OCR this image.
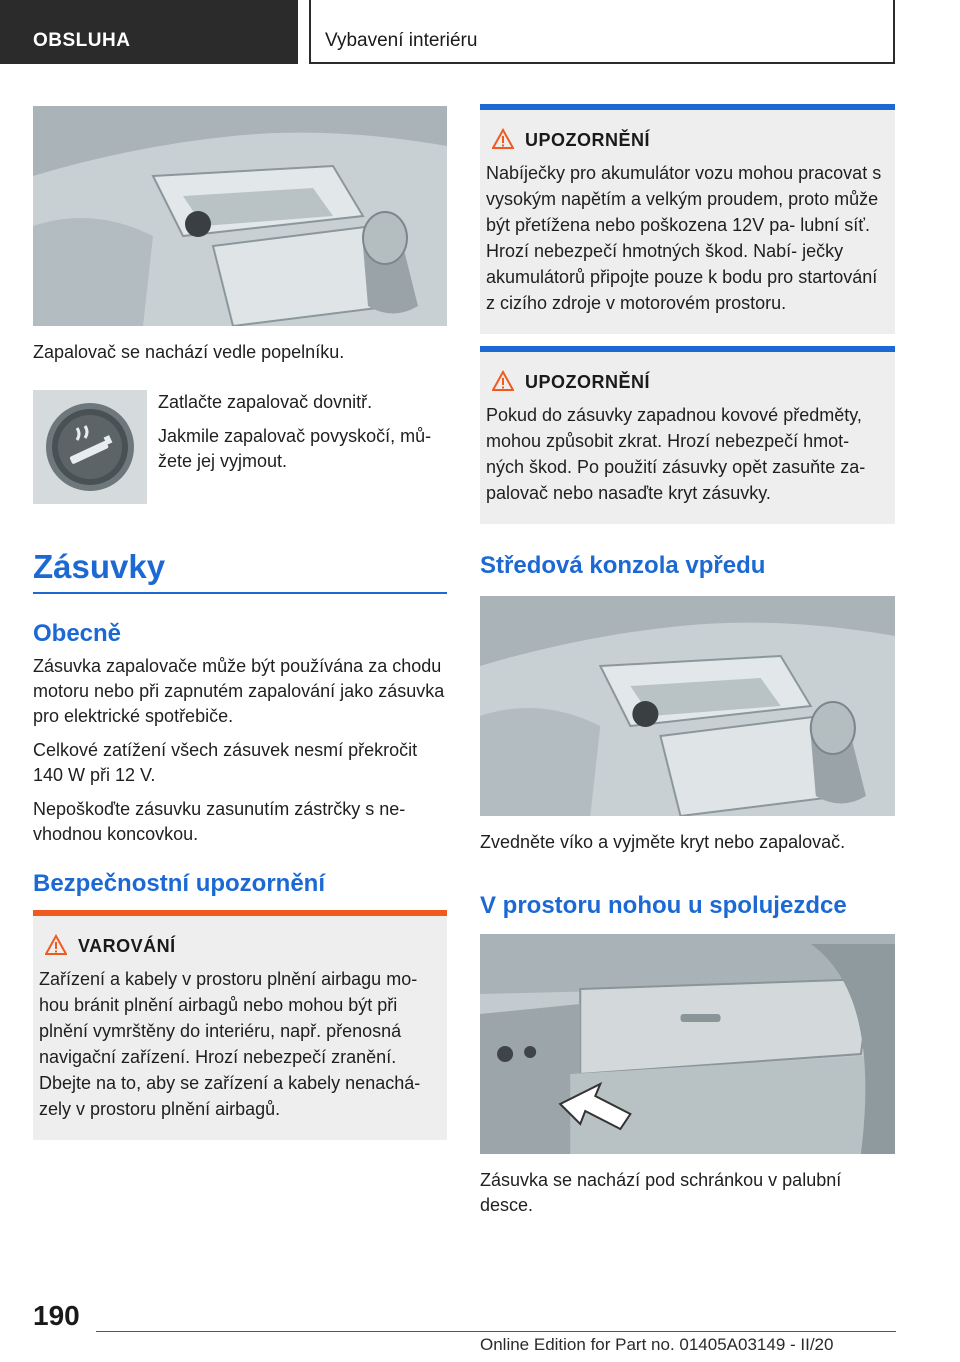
OBSLUHA	Vybavení interiéru
Zapalovač se nachází vedle popelníku.

Zatlačte zapalovač dovnitř.

Jakmile zapalovač povyskočí, mů‐ žete jej vyjmout.

Zásuvky
Obecně

Zásuvka zapalovače může být používána za chodu motoru nebo při zapnutém zapalování jako zásuvka pro elektrické spotřebiče.

Celkové zatížení všech zásuvek nesmí překročit 140 W při 12 V.

Nepoškoďte zásuvku zasunutím zástrčky s ne‐ vhodnou koncovkou.

Bezpečnostní upozornění
VAROVÁNÍ
Zařízení a kabely v prostoru plnění airbagu mo‐ hou bránit plnění airbagů nebo mohou být při plnění vymrštěny do interiéru, např. přenosná navigační zařízení. Hrozí nebezpečí zranění. Dbejte na to, aby se zařízení a kabely nenachá‐ zely v prostoru plnění airbagů.
UPOZORNĚNÍ
Nabíječky pro akumulátor vozu mohou pracovat s vysokým napětím a velkým proudem, proto může být přetížena nebo poškozena 12V pa‐ lubní síť. Hrozí nebezpečí hmotných škod. Nabí‐ ječky akumulátorů připojte pouze k bodu pro startování z cizího zdroje v motorovém prostoru.
UPOZORNĚNÍ
Pokud do zásuvky zapadnou kovové předměty, mohou způsobit zkrat. Hrozí nebezpečí hmot‐ ných škod. Po použití zásuvky opět zasuňte za‐ palovač nebo nasaďte kryt zásuvky.
Středová konzola vpředu
Zvedněte víko a vyjměte kryt nebo zapalovač.
V prostoru nohou u spolujezdce
Zásuvka se nachází pod schránkou v palubní desce.
190
Online Edition for Part no. 01405A03149 - II/20
